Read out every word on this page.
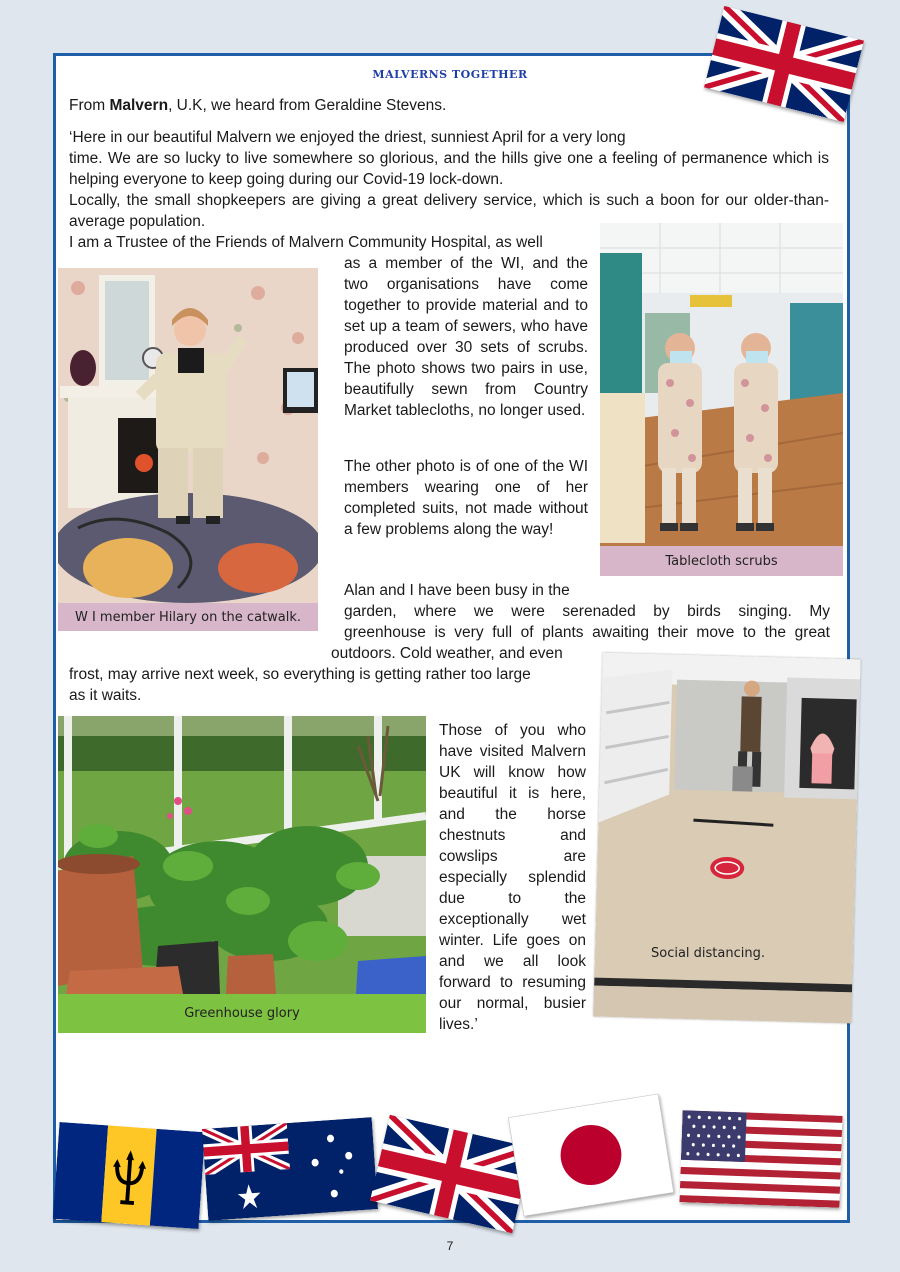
MALVERNS TOGETHER
From Malvern, U.K, we heard from Geraldine Stevens.
‘Here in our beautiful Malvern we enjoyed the driest, sunniest April for a very long
time. We are so lucky to live somewhere so glorious, and the hills give one a feeling of permanence which is helping everyone to keep going during our Covid-19 lock-down.
Locally, the small shopkeepers are giving a great delivery service, which is such a boon for our older-than-average population.
I am a Trustee of the Friends of Malvern Community Hospital, as well
as a member of the WI, and the two organisations have come together to provide material and to set up a team of sewers, who have produced over 30 sets of scrubs. The photo shows two pairs in use, beautifully sewn from Country Market tablecloths, no longer used.
The other photo is of one of the WI members wearing one of her completed suits, not made without a few problems along the way!
Alan and I have been busy in the
garden, where we were serenaded by birds singing. My
greenhouse is very full of plants awaiting their move to the great
outdoors. Cold weather, and even
frost, may arrive next week, so everything is getting rather too large
as it waits.
Those of you who have visited Malvern UK will know how beautiful it is here, and the horse chestnuts and cowslips are especially splendid due to the exceptionally wet winter. Life goes on and we all look forward to resuming our normal, busier lives.’
W I member Hilary on the catwalk.
Tablecloth scrubs
Greenhouse glory
Social distancing.
7
